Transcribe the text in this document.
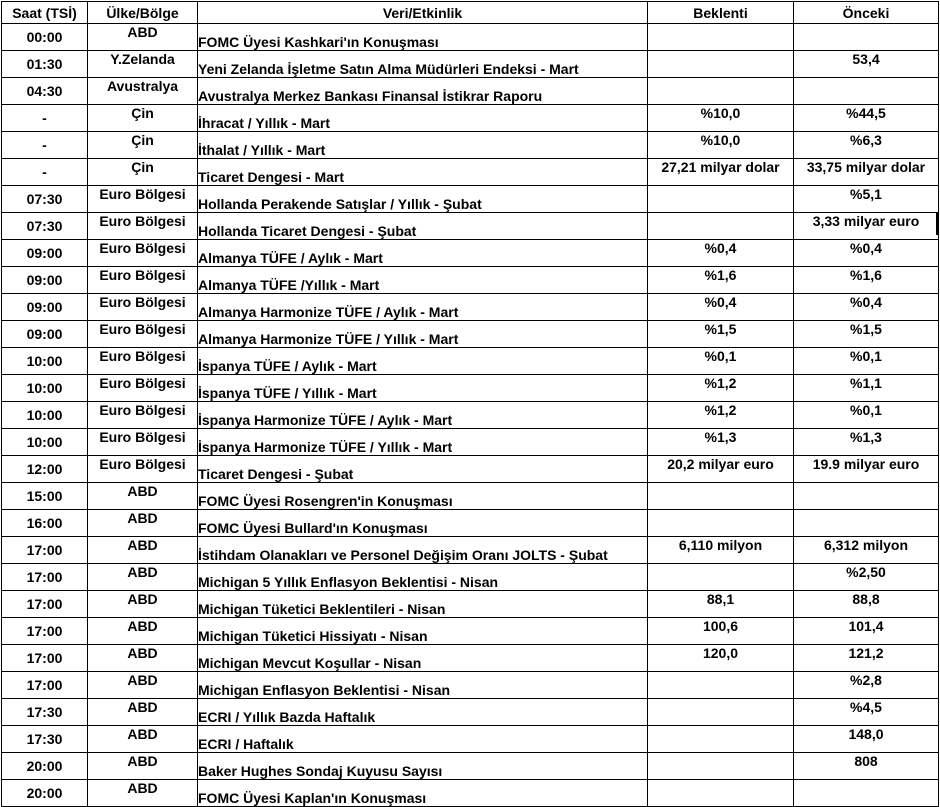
Saat (TSİ)	Ülke/Bölge	Veri/Etkinlik	Beklenti	Önceki
00:00	ABD	FOMC Üyesi Kashkari'ın Konuşması		
01:30	Y.Zelanda	Yeni Zelanda İşletme Satın Alma Müdürleri Endeksi - Mart		53,4
04:30	Avustralya	Avustralya Merkez Bankası Finansal İstikrar Raporu		
-	Çin	İhracat / Yıllık - Mart	%10,0	%44,5
-	Çin	İthalat / Yıllık - Mart	%10,0	%6,3
-	Çin	Ticaret Dengesi - Mart	27,21 milyar dolar	33,75 milyar dolar
07:30	Euro Bölgesi	Hollanda Perakende Satışlar / Yıllık - Şubat		%5,1
07:30	Euro Bölgesi	Hollanda Ticaret Dengesi - Şubat		3,33 milyar euro
09:00	Euro Bölgesi	Almanya TÜFE / Aylık - Mart	%0,4	%0,4
09:00	Euro Bölgesi	Almanya TÜFE /Yıllık - Mart	%1,6	%1,6
09:00	Euro Bölgesi	Almanya Harmonize TÜFE / Aylık - Mart	%0,4	%0,4
09:00	Euro Bölgesi	Almanya Harmonize TÜFE / Yıllık - Mart	%1,5	%1,5
10:00	Euro Bölgesi	İspanya TÜFE / Aylık - Mart	%0,1	%0,1
10:00	Euro Bölgesi	İspanya TÜFE / Yıllık - Mart	%1,2	%1,1
10:00	Euro Bölgesi	İspanya Harmonize TÜFE / Aylık - Mart	%1,2	%0,1
10:00	Euro Bölgesi	İspanya Harmonize TÜFE / Yıllık - Mart	%1,3	%1,3
12:00	Euro Bölgesi	Ticaret Dengesi - Şubat	20,2 milyar euro	19.9 milyar euro
15:00	ABD	FOMC Üyesi Rosengren'in Konuşması		
16:00	ABD	FOMC Üyesi Bullard'ın Konuşması		
17:00	ABD	İstihdam Olanakları ve Personel Değişim Oranı JOLTS - Şubat	6,110 milyon	6,312 milyon
17:00	ABD	Michigan 5 Yıllık Enflasyon Beklentisi - Nisan		%2,50
17:00	ABD	Michigan Tüketici Beklentileri - Nisan	88,1	88,8
17:00	ABD	Michigan Tüketici Hissiyatı - Nisan	100,6	101,4
17:00	ABD	Michigan Mevcut Koşullar - Nisan	120,0	121,2
17:00	ABD	Michigan Enflasyon Beklentisi - Nisan		%2,8
17:30	ABD	ECRI / Yıllık Bazda Haftalık		%4,5
17:30	ABD	ECRI / Haftalık		148,0
20:00	ABD	Baker Hughes Sondaj Kuyusu Sayısı		808
20:00	ABD	FOMC Üyesi Kaplan'ın Konuşması		
